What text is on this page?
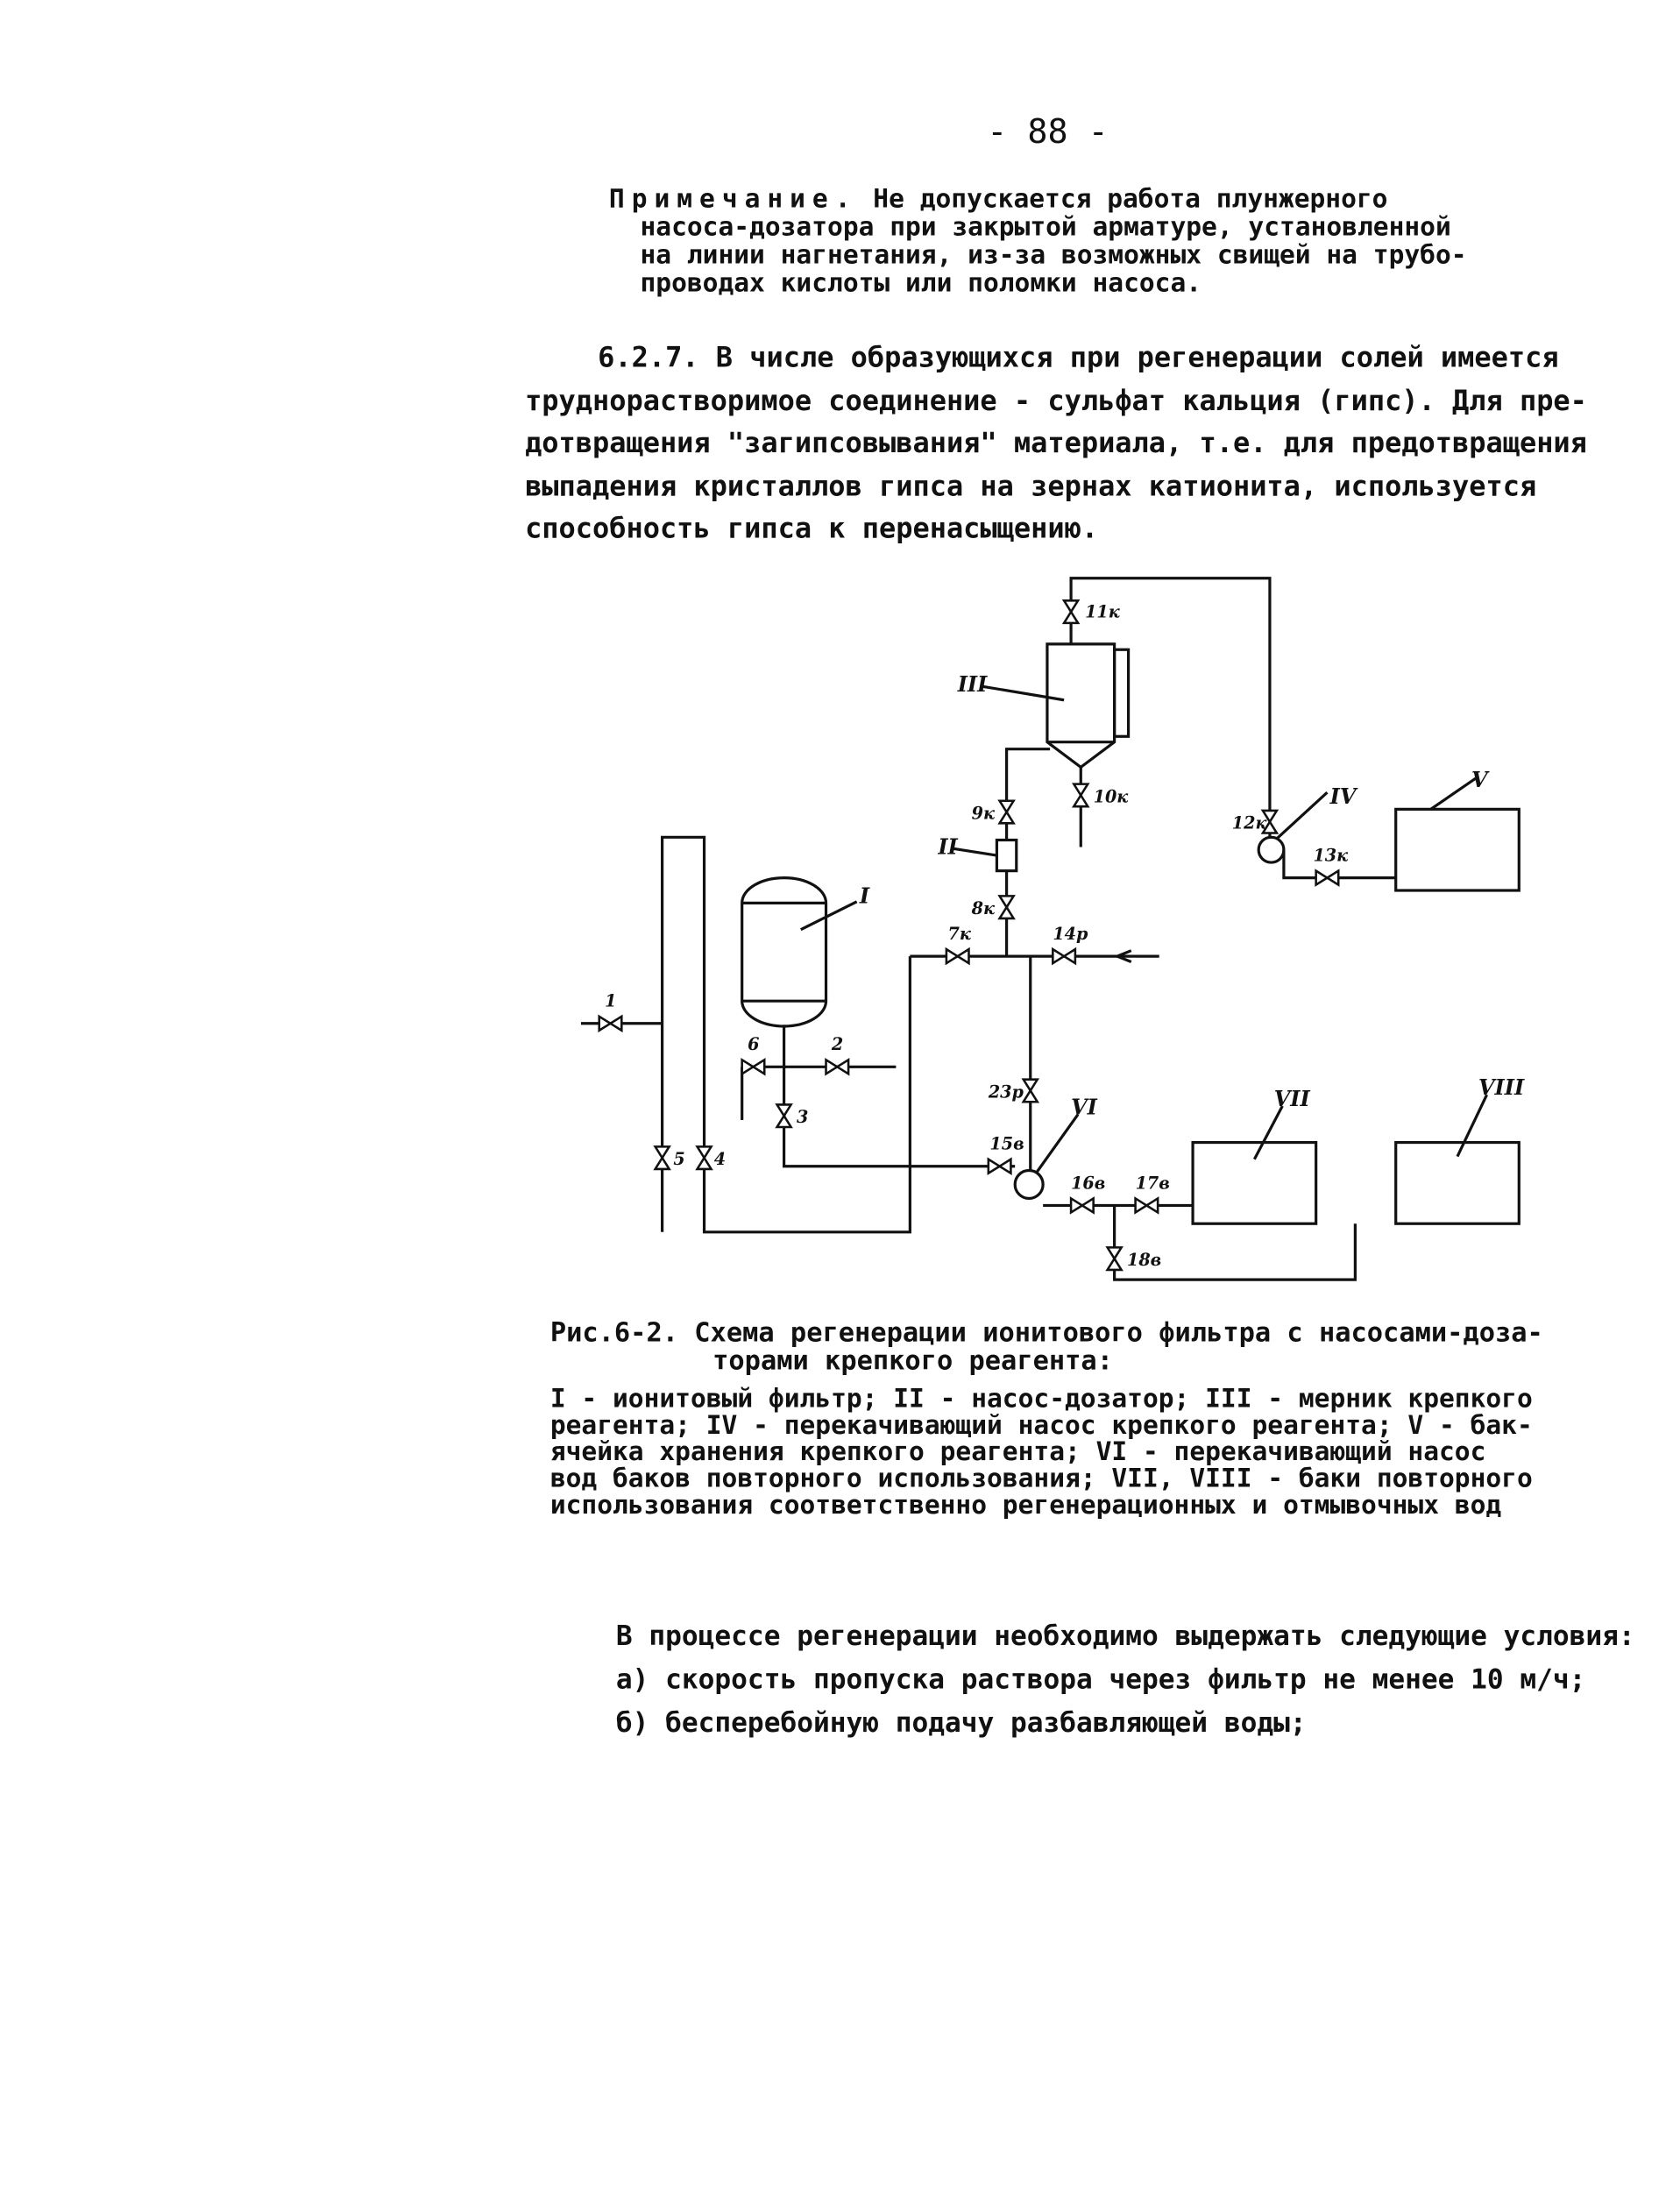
- 88 -
Примечание. Не допускается работа плунжерного
насоса-дозатора при закрытой арматуре, установленной
на линии нагнетания, из-за возможных свищей на трубо-
проводах кислоты или поломки насоса.
6.2.7. В числе образующихся при регенерации солей имеется
труднорастворимое соединение - сульфат кальция (гипс). Для пре-
дотвращения "загипсовывания" материала, т.е. для предотвращения
выпадения кристаллов гипса на зернах катионита, используется
способность гипса к перенасыщению.
I
II
III
IV
V
VI	VII	VIII
11к
10к
9к
8к
12к
13к
7к	14р
1
6	2
3
23р
15в
16в	17в
18в
5	4
Рис.6-2. Схема регенерации ионитового фильтра с насосами-доза-
торами крепкого реагента:
I - ионитовый фильтр; II - насос-дозатор; III - мерник крепкого
реагента; IV - перекачивающий насос крепкого реагента; V - бак-
ячейка хранения крепкого реагента; VI - перекачивающий насос
вод баков повторного использования; VII, VIII - баки повторного
использования соответственно регенерационных и отмывочных вод
В процессе регенерации необходимо выдержать следующие условия:
а) скорость пропуска раствора через фильтр не менее 10 м/ч;
б) бесперебойную подачу разбавляющей воды;
